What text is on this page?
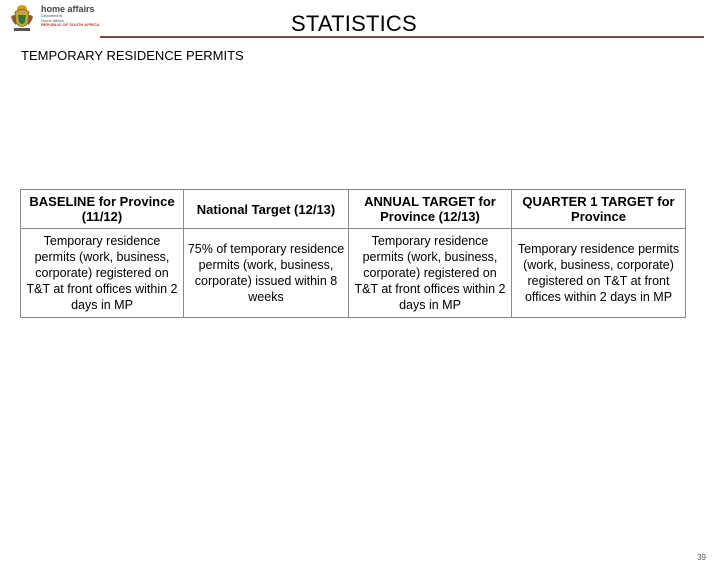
home affairs
Department:
Home Affairs
REPUBLIC OF SOUTH AFRICA	STATISTICS
TEMPORARY RESIDENCE PERMITS
BASELINE for Province (11/12)	National Target (12/13)	ANNUAL TARGET for Province (12/13)	QUARTER 1 TARGET for Province
Temporary residence permits (work, business, corporate) registered on T&T at front offices within 2 days in MP	75% of temporary residence permits (work, business, corporate) issued within 8 weeks	Temporary residence permits (work, business, corporate) registered on T&T at front offices within 2 days in MP	Temporary residence permits (work, business, corporate) registered on T&T at front offices within 2 days in MP
39
